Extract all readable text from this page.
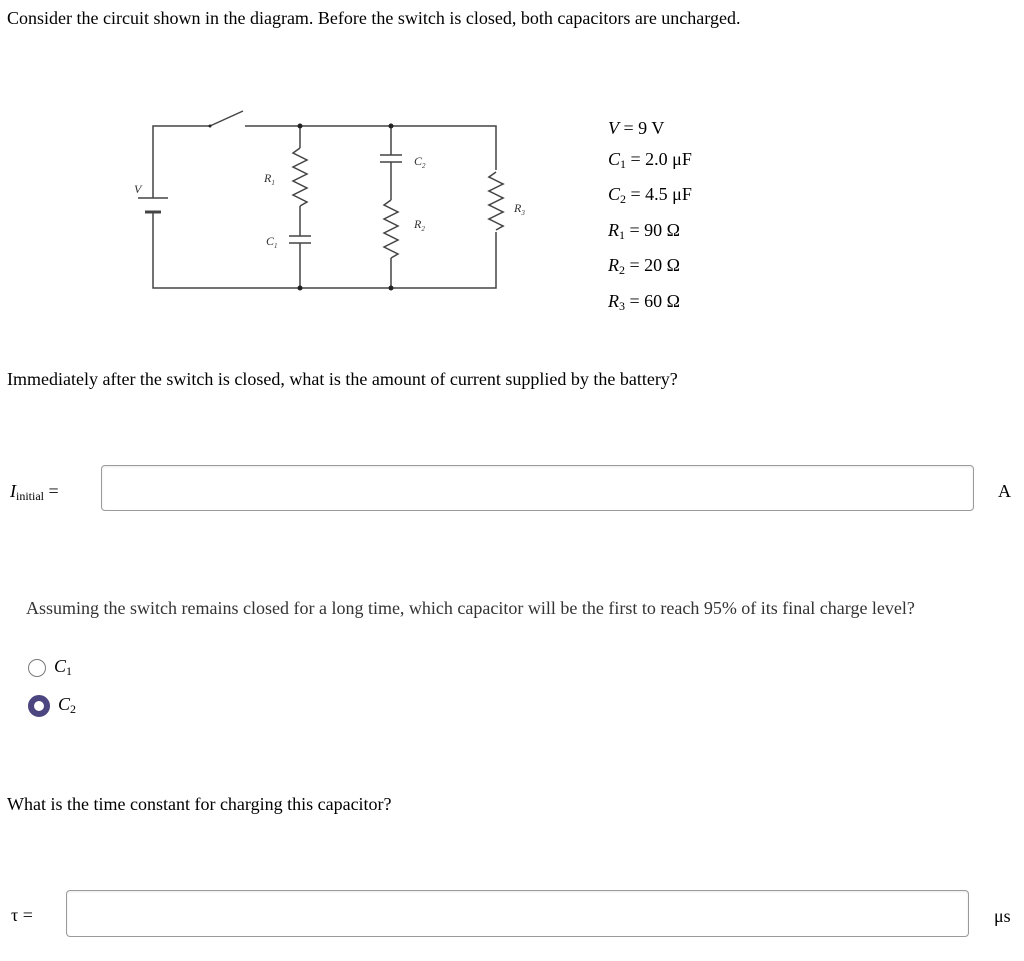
Consider the circuit shown in the diagram. Before the switch is closed, both capacitors are uncharged.
V
$R_1$
$C_1$
$C_2$
$R_2$
$R_3$
V = 9 V
$C_1 = 2.0$ μF
$C_2 = 4.5$ μF
$R_1 = 90$ Ω
$R_2 = 20$ Ω
$R_3 = 60$ Ω
Immediately after the switch is closed, what is the amount of current supplied by the battery?
$I_{initial}$ =	A
Assuming the switch remains closed for a long time, which capacitor will be the first to reach 95% of its final charge level?
$C_1$
$C_2$
What is the time constant for charging this capacitor?
τ =	μs
